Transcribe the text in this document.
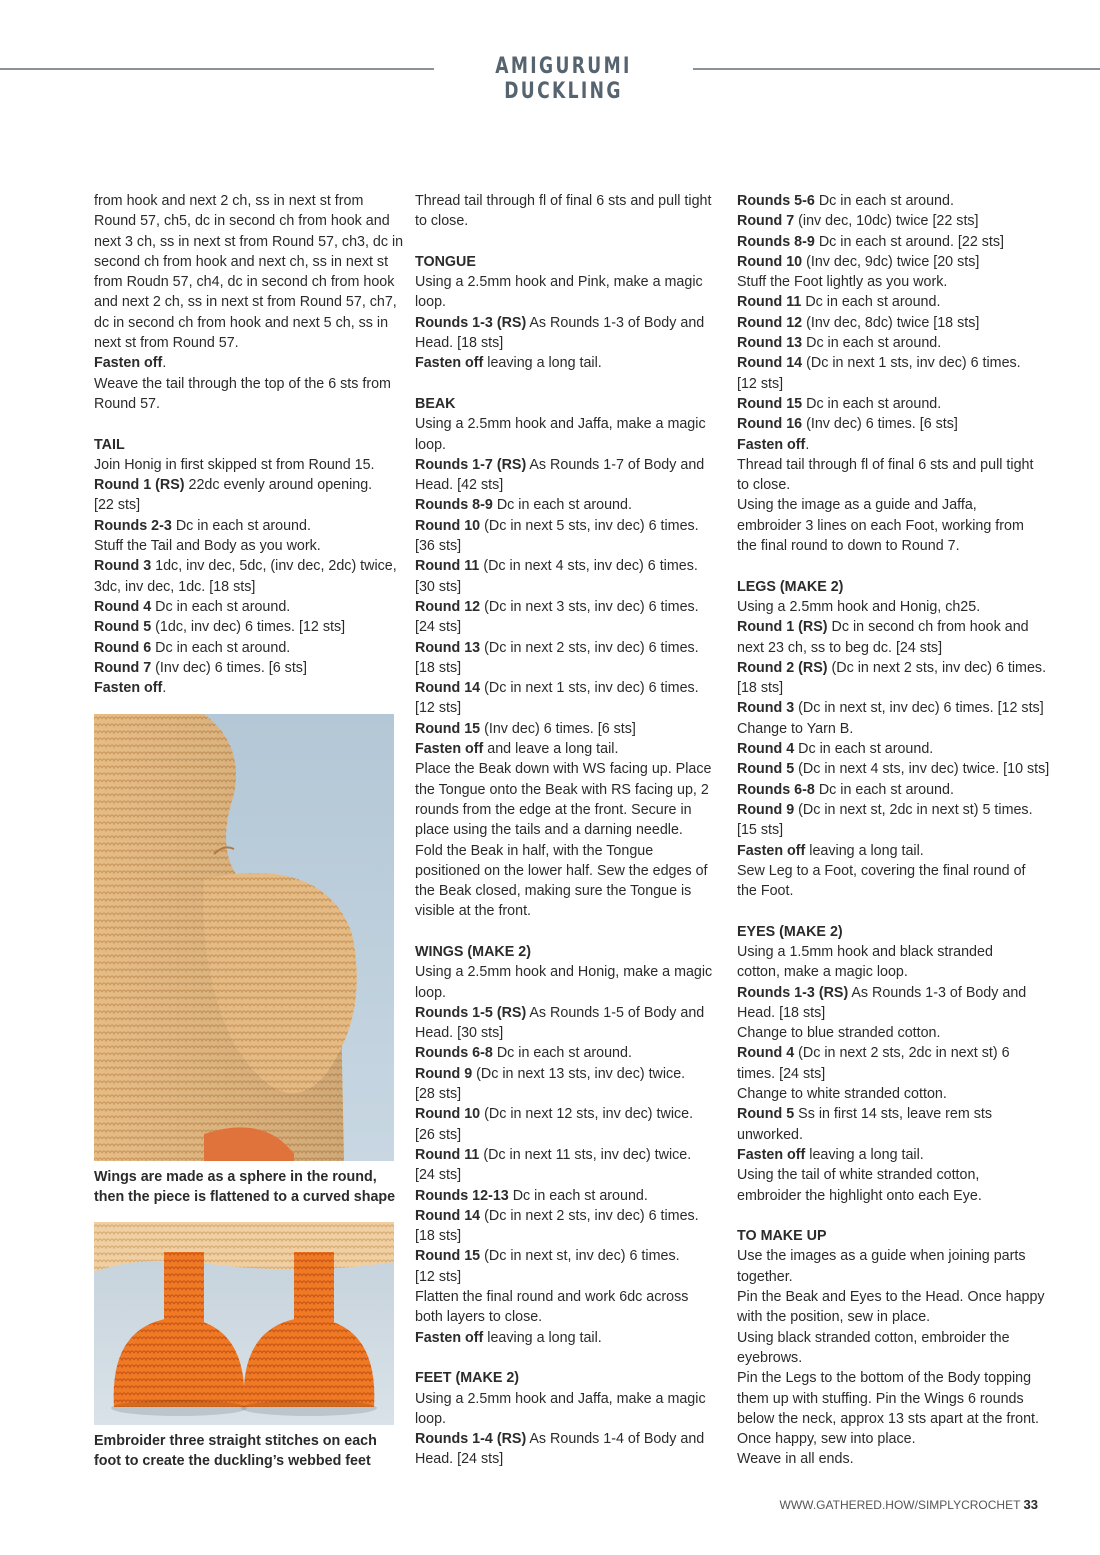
AMIGURUMI DUCKLING
from hook and next 2 ch, ss in next st from
Round 57, ch5, dc in second ch from hook and
next 3 ch, ss in next st from Round 57, ch3, dc in
second ch from hook and next ch, ss in next st
from Roudn 57, ch4, dc in second ch from hook
and next 2 ch, ss in next st from Round 57, ch7,
dc in second ch from hook and next 5 ch, ss in
next st from Round 57.
Fasten off.
Weave the tail through the top of the 6 sts from
Round 57.
TAIL
Join Honig in first skipped st from Round 15.
Round 1 (RS) 22dc evenly around opening.
[22 sts]
Rounds 2-3 Dc in each st around.
Stuff the Tail and Body as you work.
Round 3 1dc, inv dec, 5dc, (inv dec, 2dc) twice,
3dc, inv dec, 1dc. [18 sts]
Round 4 Dc in each st around.
Round 5 (1dc, inv dec) 6 times. [12 sts]
Round 6 Dc in each st around.
Round 7 (Inv dec) 6 times. [6 sts]
Fasten off.
Thread tail through fl of final 6 sts and pull tight
to close.
TONGUE
Using a 2.5mm hook and Pink, make a magic
loop.
Rounds 1-3 (RS) As Rounds 1-3 of Body and
Head. [18 sts]
Fasten off leaving a long tail.
BEAK
Using a 2.5mm hook and Jaffa, make a magic
loop.
Rounds 1-7 (RS) As Rounds 1-7 of Body and
Head. [42 sts]
Rounds 8-9 Dc in each st around.
Round 10 (Dc in next 5 sts, inv dec) 6 times.
[36 sts]
Round 11 (Dc in next 4 sts, inv dec) 6 times.
[30 sts]
Round 12 (Dc in next 3 sts, inv dec) 6 times.
[24 sts]
Round 13 (Dc in next 2 sts, inv dec) 6 times.
[18 sts]
Round 14 (Dc in next 1 sts, inv dec) 6 times.
[12 sts]
Round 15 (Inv dec) 6 times. [6 sts]
Fasten off and leave a long tail.
Place the Beak down with WS facing up. Place
the Tongue onto the Beak with RS facing up, 2
rounds from the edge at the front. Secure in
place using the tails and a darning needle.
Fold the Beak in half, with the Tongue
positioned on the lower half. Sew the edges of
the Beak closed, making sure the Tongue is
visible at the front.
WINGS (MAKE 2)
Using a 2.5mm hook and Honig, make a magic
loop.
Rounds 1-5 (RS) As Rounds 1-5 of Body and
Head. [30 sts]
Rounds 6-8 Dc in each st around.
Round 9 (Dc in next 13 sts, inv dec) twice.
[28 sts]
Round 10 (Dc in next 12 sts, inv dec) twice.
[26 sts]
Round 11 (Dc in next 11 sts, inv dec) twice.
[24 sts]
Rounds 12-13 Dc in each st around.
Round 14 (Dc in next 2 sts, inv dec) 6 times.
[18 sts]
Round 15 (Dc in next st, inv dec) 6 times.
[12 sts]
Flatten the final round and work 6dc across
both layers to close.
Fasten off leaving a long tail.
FEET (MAKE 2)
Using a 2.5mm hook and Jaffa, make a magic
loop.
Rounds 1-4 (RS) As Rounds 1-4 of Body and
Head. [24 sts]
Rounds 5-6 Dc in each st around.
Round 7 (inv dec, 10dc) twice [22 sts]
Rounds 8-9 Dc in each st around. [22 sts]
Round 10 (Inv dec, 9dc) twice [20 sts]
Stuff the Foot lightly as you work.
Round 11 Dc in each st around.
Round 12 (Inv dec, 8dc) twice [18 sts]
Round 13 Dc in each st around.
Round 14 (Dc in next 1 sts, inv dec) 6 times.
[12 sts]
Round 15 Dc in each st around.
Round 16 (Inv dec) 6 times. [6 sts]
Fasten off.
Thread tail through fl of final 6 sts and pull tight
to close.
Using the image as a guide and Jaffa,
embroider 3 lines on each Foot, working from
the final round to down to Round 7.
LEGS (MAKE 2)
Using a 2.5mm hook and Honig, ch25.
Round 1 (RS) Dc in second ch from hook and
next 23 ch, ss to beg dc. [24 sts]
Round 2 (RS) (Dc in next 2 sts, inv dec) 6 times.
[18 sts]
Round 3 (Dc in next st, inv dec) 6 times. [12 sts]
Change to Yarn B.
Round 4 Dc in each st around.
Round 5 (Dc in next 4 sts, inv dec) twice. [10 sts]
Rounds 6-8 Dc in each st around.
Round 9 (Dc in next st, 2dc in next st) 5 times.
[15 sts]
Fasten off leaving a long tail.
Sew Leg to a Foot, covering the final round of
the Foot.
EYES (MAKE 2)
Using a 1.5mm hook and black stranded
cotton, make a magic loop.
Rounds 1-3 (RS) As Rounds 1-3 of Body and
Head. [18 sts]
Change to blue stranded cotton.
Round 4 (Dc in next 2 sts, 2dc in next st) 6
times. [24 sts]
Change to white stranded cotton.
Round 5 Ss in first 14 sts, leave rem sts
unworked.
Fasten off leaving a long tail.
Using the tail of white stranded cotton,
embroider the highlight onto each Eye.
TO MAKE UP
Use the images as a guide when joining parts
together.
Pin the Beak and Eyes to the Head. Once happy
with the position, sew in place.
Using black stranded cotton, embroider the
eyebrows.
Pin the Legs to the bottom of the Body topping
them up with stuffing. Pin the Wings 6 rounds
below the neck, approx 13 sts apart at the front.
Once happy, sew into place.
Weave in all ends.
Wings are made as a sphere in the round,
then the piece is flattened to a curved shape
Embroider three straight stitches on each
foot to create the duckling’s webbed feet
WWW.GATHERED.HOW/SIMPLYCROCHET 33
